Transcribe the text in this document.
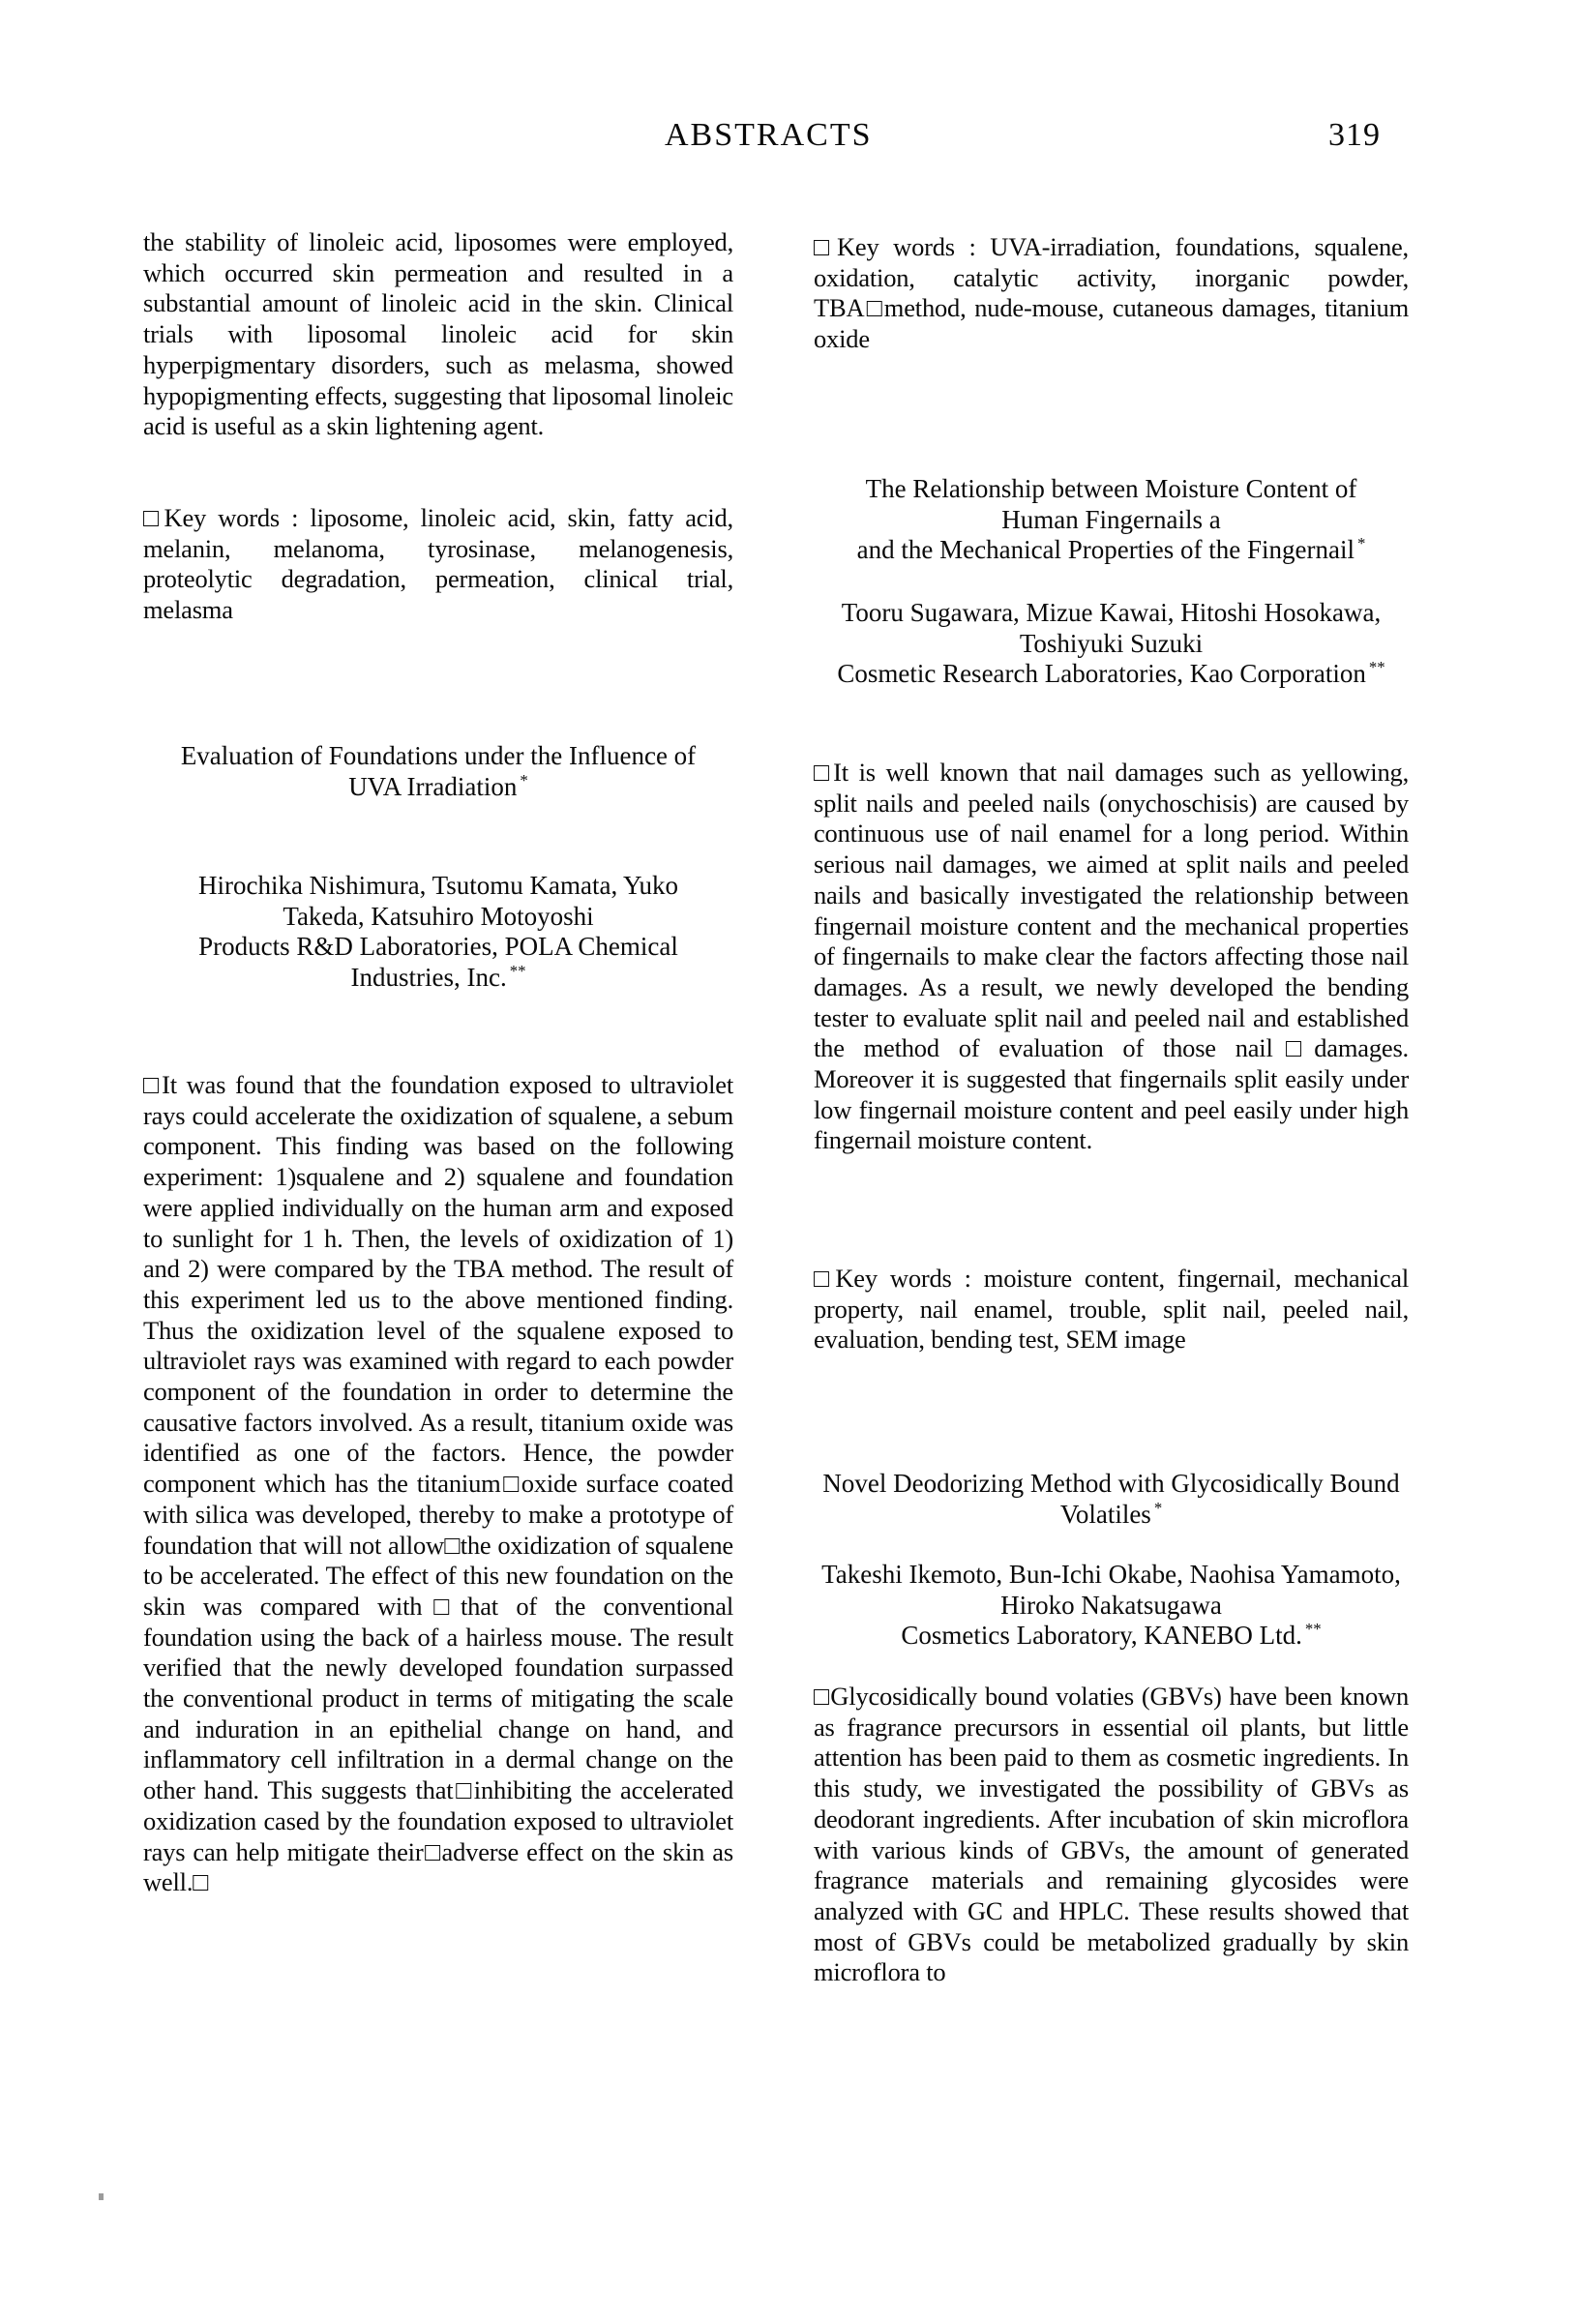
ABSTRACTS	319

the stability of linoleic acid, liposomes were employed, which occurred skin permeation and resulted in a substantial amount of linoleic acid in the skin. Clinical trials with liposomal linoleic acid for skin hyperpigmentary disorders, such as melasma, showed hypopigmenting effects, suggesting that liposomal linoleic acid is useful as a skin lightening agent.

□Key words : liposome, linoleic acid, skin, fatty acid, melanin, melanoma, tyrosinase, melanogenesis, proteolytic degradation, permeation, clinical trial, melasma

Evaluation of Foundations under the Influence of
UVA Irradiation *
Hirochika Nishimura, Tsutomu Kamata, Yuko
Takeda, Katsuhiro Motoyoshi
Products R&D Laboratories, POLA Chemical
Industries, Inc. **

□It was found that the foundation exposed to ultraviolet rays could accelerate the oxidization of squalene, a sebum component. This finding was based on the following experiment: 1)squalene and 2) squalene and foundation were applied individually on the human arm and exposed to sunlight for 1 h. Then, the levels of oxidization of 1) and 2) were compared by the TBA method. The result of this experiment led us to the above mentioned finding. Thus the oxidization level of the squalene exposed to ultraviolet rays was examined with regard to each powder component of the foundation in order to determine the causative factors involved. As a result, titanium oxide was identified as one of the factors. Hence, the powder component which has the titanium□oxide surface coated with silica was developed, thereby to make a prototype of foundation that will not allow□the oxidization of squalene to be accelerated. The effect of this new foundation on the skin was compared with□that of the conventional foundation using the back of a hairless mouse. The result verified that the newly developed foundation surpassed the conventional product in terms of mitigating the scale and induration in an epithelial change on hand, and inflammatory cell infiltration in a dermal change on the other hand. This suggests that□inhibiting the accelerated oxidization cased by the foundation exposed to ultraviolet rays can help mitigate their□adverse effect on the skin as well.□

□Key words : UVA-irradiation, foundations, squalene, oxidation, catalytic activity, inorganic powder, TBA□method, nude-mouse, cutaneous damages, titanium oxide

The Relationship between Moisture Content of
Human Fingernails a
and the Mechanical Properties of the Fingernail *
Tooru Sugawara, Mizue Kawai, Hitoshi Hosokawa,
Toshiyuki Suzuki
Cosmetic Research Laboratories, Kao Corporation **

□It is well known that nail damages such as yellowing, split nails and peeled nails (onychoschisis) are caused by continuous use of nail enamel for a long period. Within serious nail damages, we aimed at split nails and peeled nails and basically investigated the relationship between fingernail moisture content and the mechanical properties of fingernails to make clear the factors affecting those nail damages. As a result, we newly developed the bending tester to evaluate split nail and peeled nail and established the method of evaluation of those nail□damages. Moreover it is suggested that fingernails split easily under low fingernail moisture content and peel easily under high fingernail moisture content.

□Key words : moisture content, fingernail, mechanical property, nail enamel, trouble, split nail, peeled nail, evaluation, bending test, SEM image

Novel Deodorizing Method with Glycosidically Bound
Volatiles *
Takeshi Ikemoto, Bun-Ichi Okabe, Naohisa Yamamoto,
Hiroko Nakatsugawa
Cosmetics Laboratory, KANEBO Ltd. **

□Glycosidically bound volaties (GBVs) have been known as fragrance precursors in essential oil plants, but little attention has been paid to them as cosmetic ingredients. In this study, we investigated the possibility of GBVs as deodorant ingredients. After incubation of skin microflora with various kinds of GBVs, the amount of generated fragrance materials and remaining glycosides were analyzed with GC and HPLC. These results showed that most of GBVs could be metabolized gradually by skin microflora to
